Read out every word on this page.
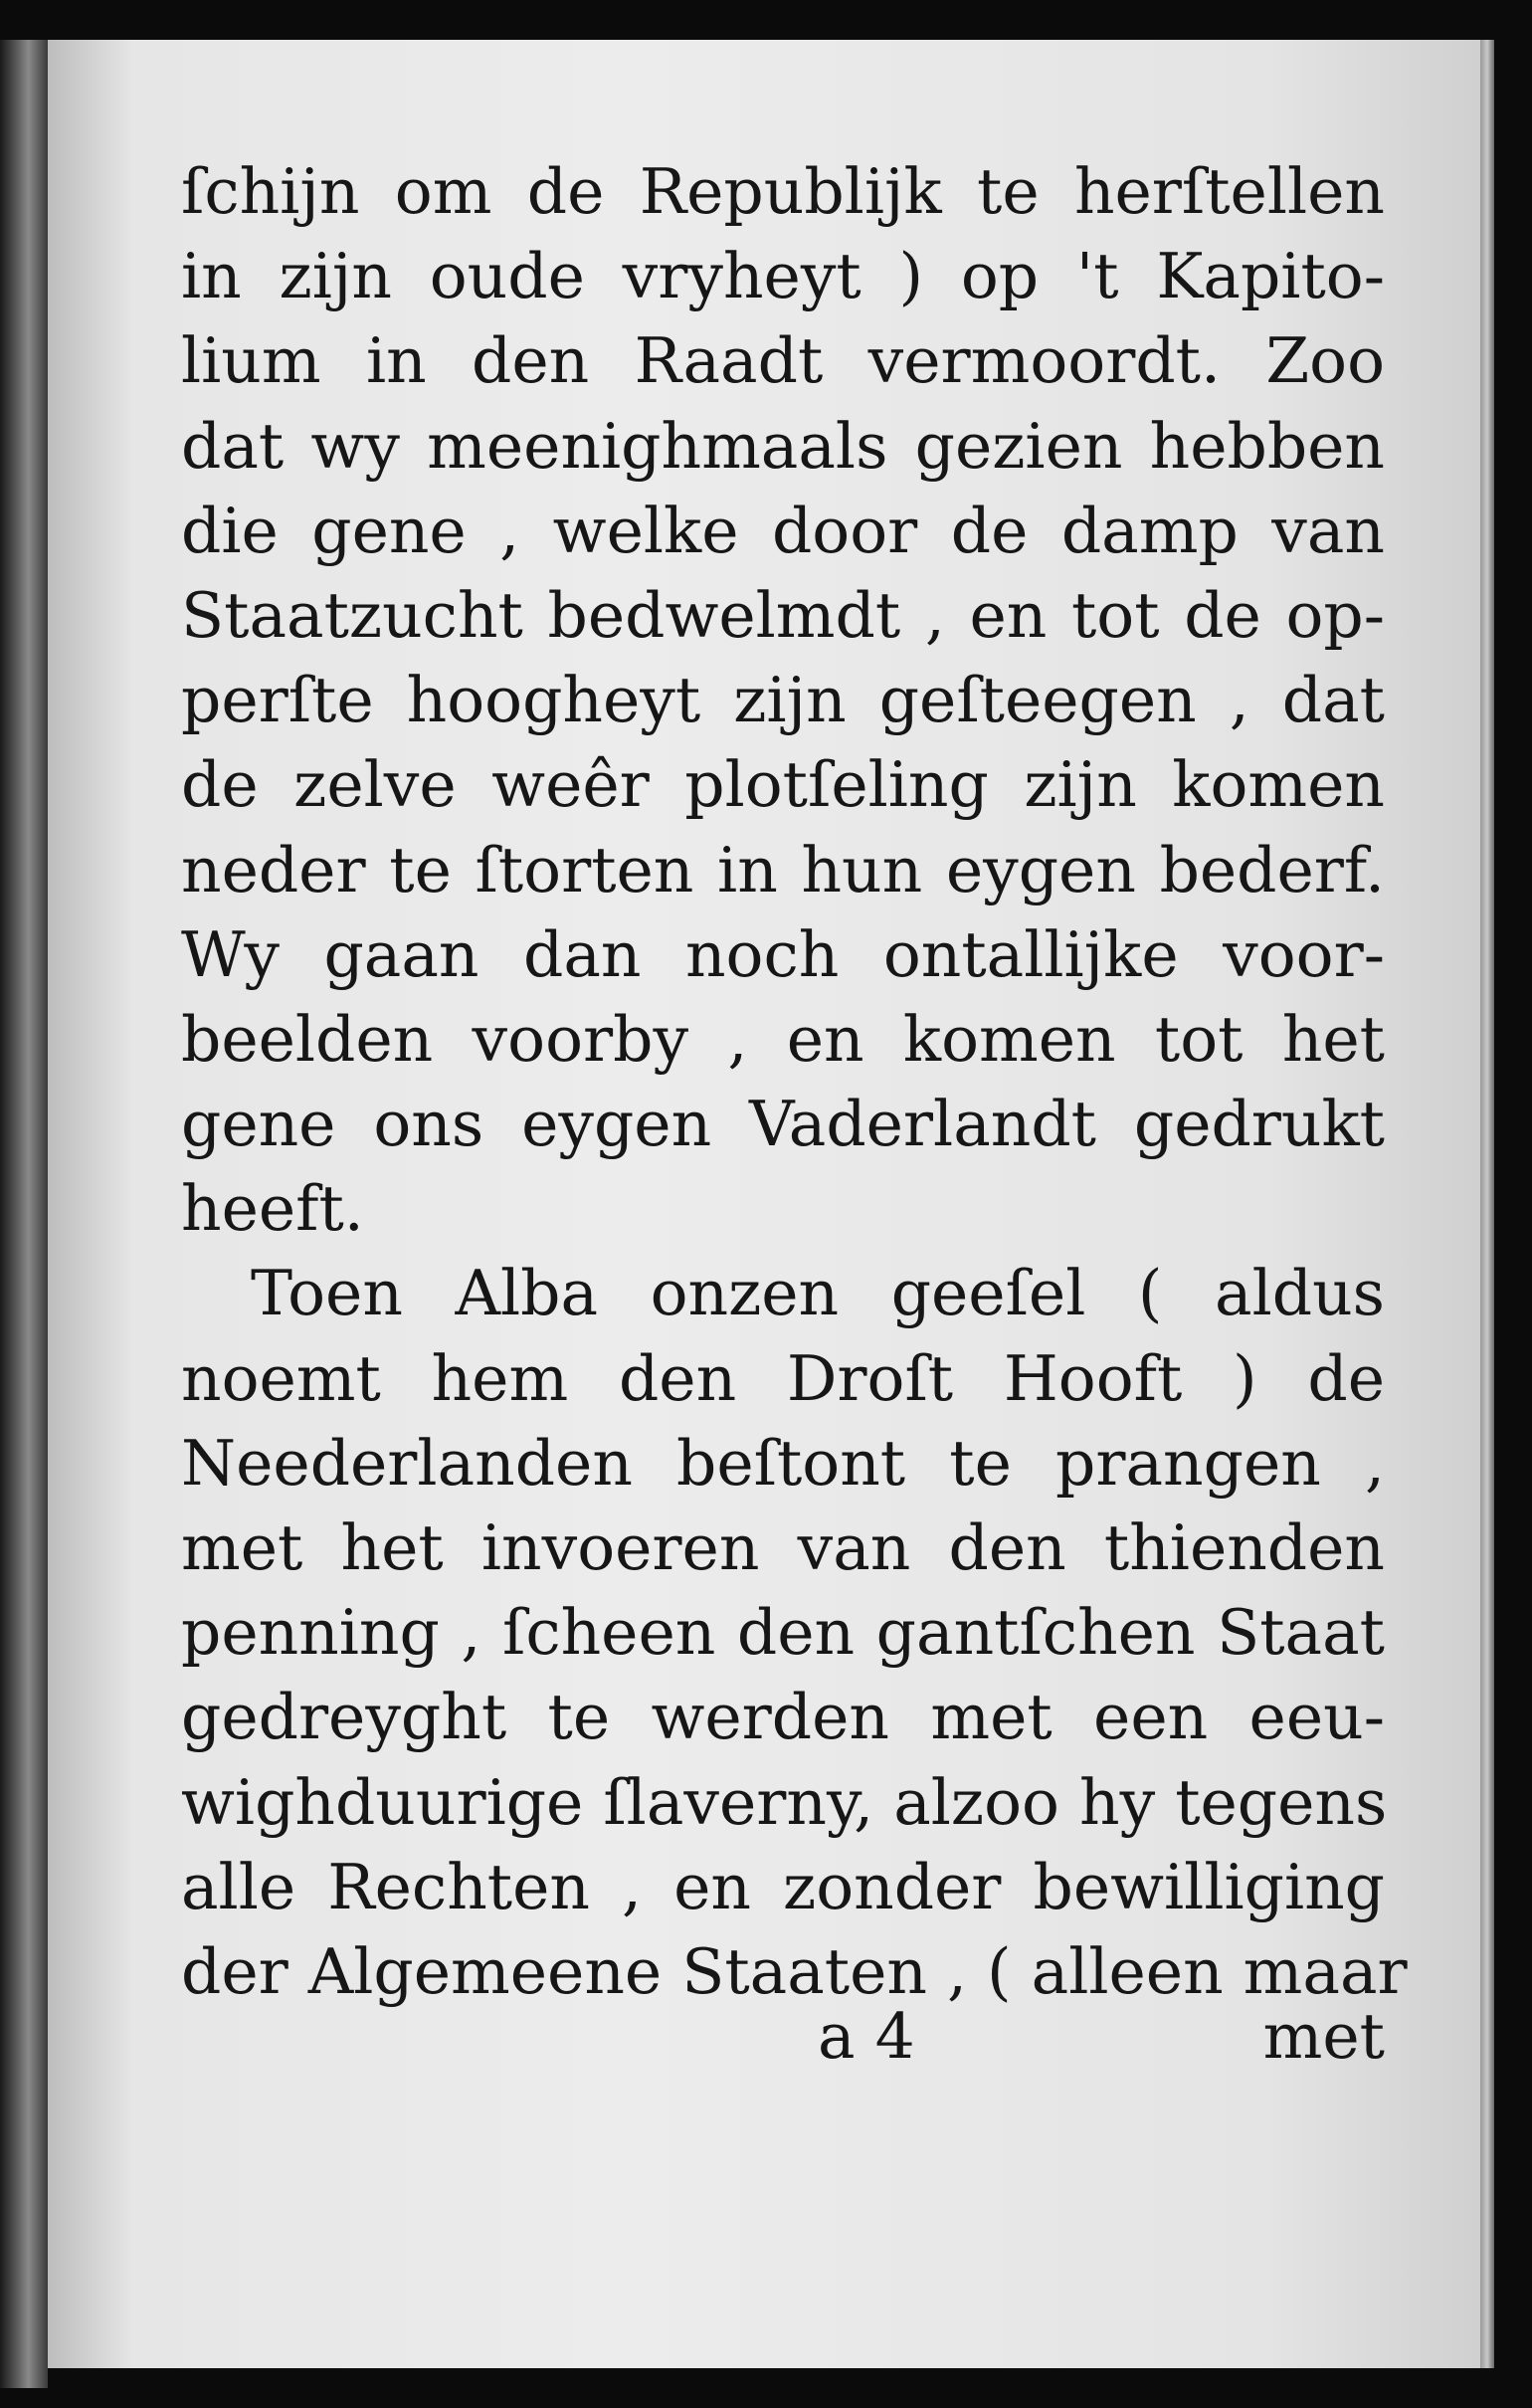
ſchijn om de Republijk te herſtellen
in zijn oude vryheyt ) op 't Kapito-
lium in den Raadt vermoordt. Zoo
dat wy meenighmaals gezien hebben
die gene , welke door de damp van
Staatzucht bedwelmdt , en tot de op-
perſte hoogheyt zijn geſteegen , dat
de zelve weêr plotſeling zijn komen
neder te ſtorten in hun eygen bederf.
Wy gaan dan noch ontallijke voor-
beelden voorby , en komen tot het
gene ons eygen Vaderlandt gedrukt
heeft.
Toen Alba onzen geeſel ( aldus
noemt hem den Droſt Hooft ) de
Neederlanden beſtont te prangen ,
met het invoeren van den thienden
penning , ſcheen den gantſchen Staat
gedreyght te werden met een eeu-
wighduurige ſlaverny, alzoo hy tegens
alle Rechten , en zonder bewilliging
der Algemeene Staaten , ( alleen maar
a 4	met
